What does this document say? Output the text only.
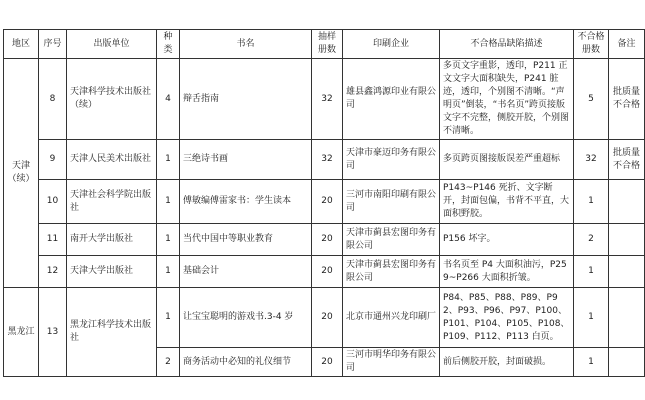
地区	序号	出版单位	种类	书名	抽样册数	印刷企业	不合格品缺陷描述	不合格册数	备注
天津（续）	8	天津科学技术出版社（续）	4	辩舌指南	32	雄县鑫鸿源印业有限公司	多页文字重影，透印，P211 正文文字大面积缺失，P241 脏迹，透印，个别图不清晰。“声明页”倒装，“书名页”跨页接版文字不完整，侧胶开胶，个别图不清晰。	5	批质量不合格
	9	天津人民美术出版社	1	三绝诗书画	32	天津市豪迈印务有限公司	多页跨页图接版误差严重超标	32	批质量不合格
	10	天津社会科学院出版社	1	傅敏编傅雷家书：学生读本	20	三河市南阳印刷有限公司	P143~P146 死折、文字断开，封面包偏，书背不平直，大面积野胶。	1	
	11	南开大学出版社	1	当代中国中等职业教育	20	天津市蓟县宏图印务有限公司	P156 坏字。	2	
	12	天津大学出版社	1	基础会计	20	天津市蓟县宏图印务有限公司	书名页至 P4 大面积油污，P259~P266 大面积折皱。	1	
黑龙江	13	黑龙江科学技术出版社	1	让宝宝聪明的游戏书.3-4 岁	20	北京市通州兴龙印刷厂	P84、P85、P88、P89、P92、P93、P96、P97、P100、P101、P104、P105、P108、P109、P112、P113 白页。	1	
			2	商务活动中必知的礼仪细节	20	三河市明华印务有限公司	前后侧胶开胶，封面破损。	1	
